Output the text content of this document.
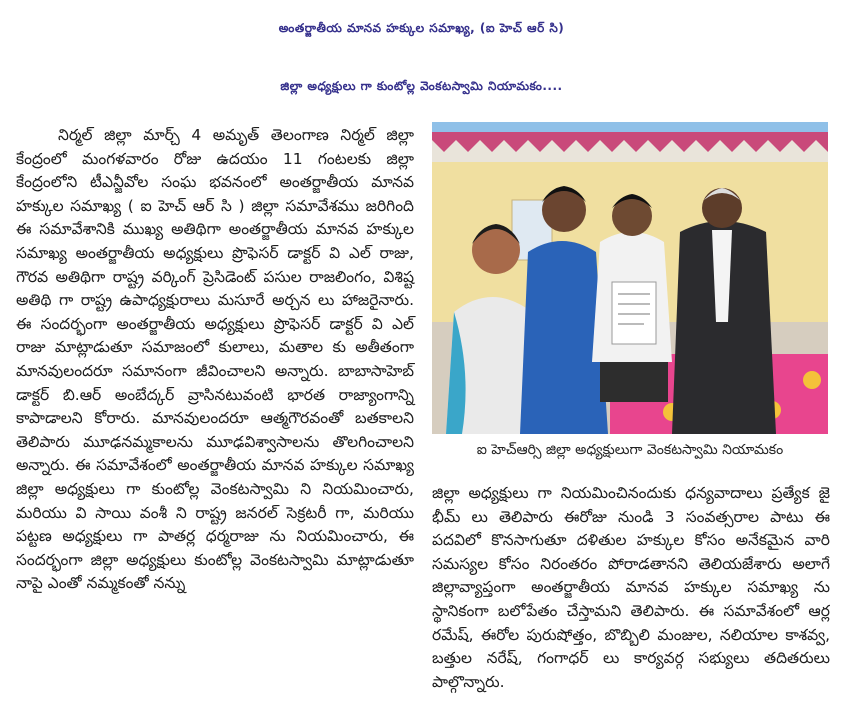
అంతర్జాతీయ మానవ హక్కుల సమాఖ్య, (ఐ హెచ్ ఆర్ సి)
జిల్లా అధ్యక్షులు గా కుంటోల్ల వెంకటస్వామి నియామకం....
నిర్మల్ జిల్లా మార్చ్ 4 అమృత్ తెలంగాణ నిర్మల్ జిల్లా కేంద్రంలో మంగళవారం రోజు ఉదయం 11 గంటలకు జిల్లా కేంద్రంలోని టీఎన్జీవోల సంఘ భవనంలో అంతర్జాతీయ మానవ హక్కుల సమాఖ్య ( ఐ హెచ్ ఆర్ సి ) జిల్లా సమావేశము జరిగింది ఈ సమావేశానికి ముఖ్య అతిథిగా అంతర్జాతీయ మానవ హక్కుల సమాఖ్య అంతర్జాతీయ అధ్యక్షులు ప్రొఫెసర్ డాక్టర్ వి ఎల్ రాజు, గౌరవ అతిథిగా రాష్ట్ర వర్కింగ్ ప్రెసిడెంట్ పసుల రాజలింగం, విశిష్ట అతిథి గా రాష్ట్ర ఉపాధ్యక్షురాలు మసూరే అర్చన లు హాజరైనారు. ఈ సందర్భంగా అంతర్జాతీయ అధ్యక్షులు ప్రొఫెసర్ డాక్టర్ వి ఎల్ రాజు మాట్లాడుతూ సమాజంలో కులాలు, మతాల కు అతీతంగా మానవులందరూ సమానంగా జీవించాలని అన్నారు. బాబాసాహెబ్ డాక్టర్ బి.ఆర్ అంబేద్కర్ వ్రాసినటువంటి భారత రాజ్యాంగాన్ని కాపాడాలని కోరారు. మానవులందరూ ఆత్మగౌరవంతో బతకాలని తెలిపారు మూఢనమ్మకాలను మూఢవిశ్వాసాలను తొలగించాలని అన్నారు. ఈ సమావేశంలో అంతర్జాతీయ మానవ హక్కుల సమాఖ్య జిల్లా అధ్యక్షులు గా కుంటోల్ల వెంకటస్వామి ని నియమించారు, మరియు వి సాయి వంశీ ని రాష్ట్ర జనరల్ సెక్రటరీ గా, మరియు పట్టణ అధ్యక్షులు గా పాతర్ల ధర్మరాజు ను నియమించారు, ఈ సందర్భంగా జిల్లా అధ్యక్షులు కుంటోల్ల వెంకటస్వామి మాట్లాడుతూ నాపై ఎంతో నమ్మకంతో నన్ను
ఐ హెచ్ఆర్సి జిల్లా అధ్యక్షులుగా వెంకటస్వామి నియామకం
జిల్లా అధ్యక్షులు గా నియమించినందుకు ధన్యవాదాలు ప్రత్యేక జై భీమ్ లు తెలిపారు ఈరోజు నుండి 3 సంవత్సరాల పాటు ఈ పదవిలో కొనసాగుతూ దళితుల హక్కుల కోసం అనేకమైన వారి సమస్యల కోసం నిరంతరం పోరాడతానని తెలియజేశారు అలాగే జిల్లావ్యాప్తంగా అంతర్జాతీయ మానవ హక్కుల సమాఖ్య ను స్థానికంగా బలోపేతం చేస్తామని తెలిపారు. ఈ సమావేశంలో ఆర్ల రమేష్, ఈరోల పురుషోత్తం, బొబ్బిలి మంజుల, నలియాల కాశవ్వ, బత్తుల నరేష్, గంగాధర్ లు కార్యవర్గ సభ్యులు తదితరులు పాల్గొన్నారు.
